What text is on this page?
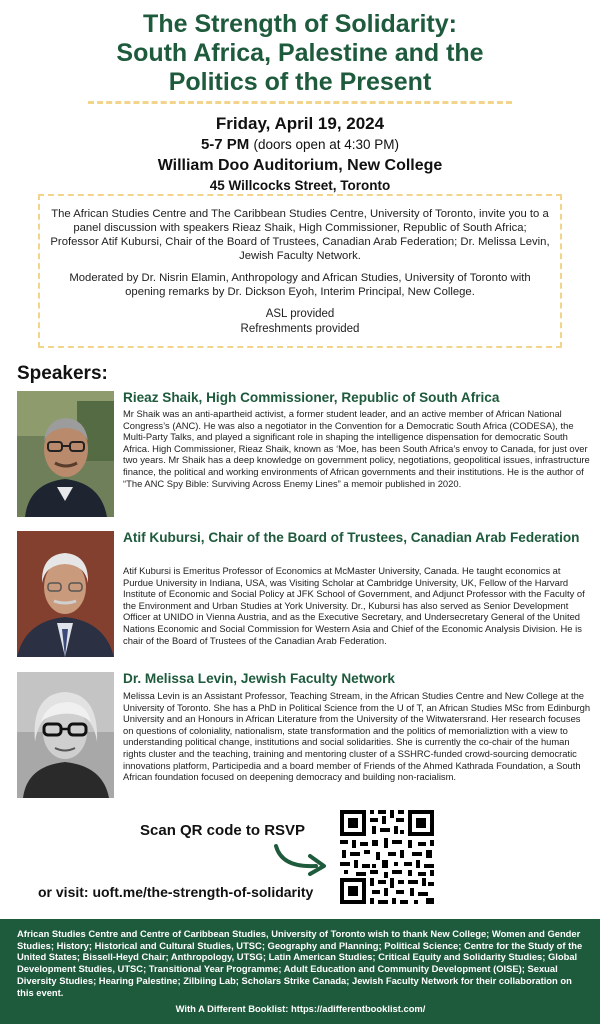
The Strength of Solidarity:
South Africa, Palestine and the
Politics of the Present
Friday, April 19, 2024
5-7 PM (doors open at 4:30 PM)
William Doo Auditorium, New College
45 Willcocks Street, Toronto

The African Studies Centre and The Caribbean Studies Centre, University of Toronto, invite you to a panel discussion with speakers Rieaz Shaik, High Commissioner, Republic of South Africa; Professor Atif Kubursi, Chair of the Board of Trustees, Canadian Arab Federation; Dr. Melissa Levin, Jewish Faculty Network.

Moderated by Dr. Nisrin Elamin, Anthropology and African Studies, University of Toronto with opening remarks by Dr. Dickson Eyoh, Interim Principal, New College.

ASL provided

Refreshments provided

Speakers:
Rieaz Shaik, High Commissioner, Republic of South Africa
Mr Shaik was an anti-apartheid activist, a former student leader, and an active member of African National Congress’s (ANC). He was also a negotiator in the Convention for a Democratic South Africa (CODESA), the Multi-Party Talks, and played a significant role in shaping the intelligence dispensation for democratic South Africa. High Commissioner, Rieaz Shaik, known as ‘Moe, has been South Africa’s envoy to Canada, for just over two years. Mr Shaik has a deep knowledge on government policy, negotiations, geopolitical issues, infrastructure finance, the political and working environments of African governments and their institutions. He is the author of “The ANC Spy Bible: Surviving Across Enemy Lines” a memoir published in 2020.
Atif Kubursi, Chair of the Board of Trustees, Canadian Arab Federation
Atif Kubursi is Emeritus Professor of Economics at McMaster University, Canada. He taught economics at Purdue University in Indiana, USA, was Visiting Scholar at Cambridge University, UK, Fellow of the Harvard Institute of Economic and Social Policy at JFK School of Government, and Adjunct Professor with the Faculty of the Environment and Urban Studies at York University. Dr., Kubursi has also served as Senior Development Officer at UNIDO in Vienna Austria, and as the Executive Secretary, and Undersecretary General of the United Nations Economic and Social Commission for Western Asia and Chief of the Economic Analysis Division. He is chair of the Board of Trustees of the Canadian Arab Federation.
Dr. Melissa Levin, Jewish Faculty Network
Melissa Levin is an Assistant Professor, Teaching Stream, in the African Studies Centre and New College at the University of Toronto. She has a PhD in Political Science from the U of T, an African Studies MSc from Edinburgh University and an Honours in African Literature from the University of the Witwatersrand. Her research focuses on questions of coloniality, nationalism, state transformation and the politics of memorializtion with a view to understanding political change, institutions and social solidarities. She is currently the co-chair of the human rights cluster and the teaching, training and mentoring cluster of a SSHRC-funded crowd-sourcing democratic innovations platform, Participedia and a board member of Friends of the Ahmed Kathrada Foundation, a South African foundation focused on deepening democracy and building non-racialism.
Scan QR code to RSVP
or visit: uoft.me/the-strength-of-solidarity
African Studies Centre and Centre of Caribbean Studies, University of Toronto wish to thank New College; Women and Gender Studies; History; Historical and Cultural Studies, UTSC; Geography and Planning; Political Science; Centre for the Study of the United States; Bissell-Heyd Chair; Anthropology, UTSG; Latin American Studies; Critical Equity and Solidarity Studies; Global Development Studies, UTSC; Transitional Year Programme; Adult Education and Community Development (OISE); Sexual Diversity Studies; Hearing Palestine; Zilbiing Lab; Scholars Strike Canada; Jewish Faculty Network for their collaboration on this event.
With A Different Booklist: https://adifferentbooklist.com/
